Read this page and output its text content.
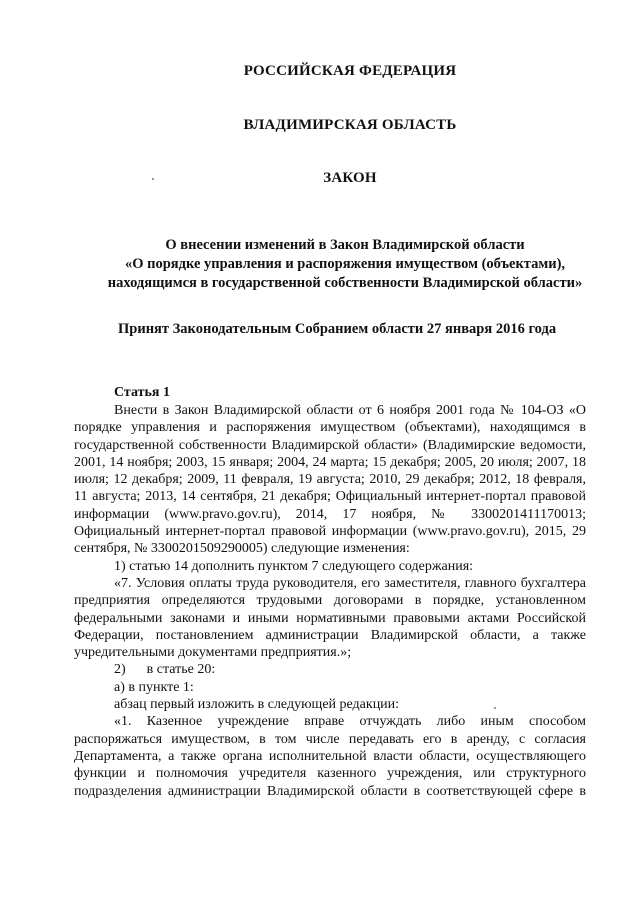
РОССИЙСКАЯ ФЕДЕРАЦИЯ
ВЛАДИМИРСКАЯ ОБЛАСТЬ
ЗАКОН
О внесении изменений в Закон Владимирской области
«О порядке управления и распоряжения имуществом (объектами),
находящимся в государственной собственности Владимирской области»
Принят Законодательным Собранием области 27 января 2016 года
Статья 1

Внести в Закон Владимирской области от 6 ноября 2001 года № 104-ОЗ «О порядке управления и распоряжения имуществом (объектами), находящимся в государственной собственности Владимирской области» (Владимирские ведомости, 2001, 14 ноября; 2003, 15 января; 2004, 24 марта; 15 декабря; 2005, 20 июля; 2007, 18 июля; 12 декабря; 2009, 11 февраля, 19 августа; 2010, 29 декабря; 2012, 18 февраля, 11 августа; 2013, 14 сентября, 21 декабря; Официальный интернет-портал правовой информации (www.pravo.gov.ru), 2014, 17 ноября, № 3300201411170013; Официальный интернет-портал правовой информации (www.pravo.gov.ru), 2015, 29 сентября, № 3300201509290005) следующие изменения:

1) статью 14 дополнить пунктом 7 следующего содержания:

«7. Условия оплаты труда руководителя, его заместителя, главного бухгалтера предприятия определяются трудовыми договорами в порядке, установленном федеральными законами и иными нормативными правовыми актами Российской Федерации, постановлением администрации Владимирской области, а также учредительными документами предприятия.»;

2)      в статье 20:

а) в пункте 1:

абзац первый изложить в следующей редакции:

«1. Казенное учреждение вправе отчуждать либо иным способом распоряжаться имуществом, в том числе передавать его в аренду, с согласия Департамента, а также органа исполнительной власти области, осуществляющего функции и полномочия учредителя казенного учреждения, или структурного подразделения администрации Владимирской области в соответствующей сфере в
